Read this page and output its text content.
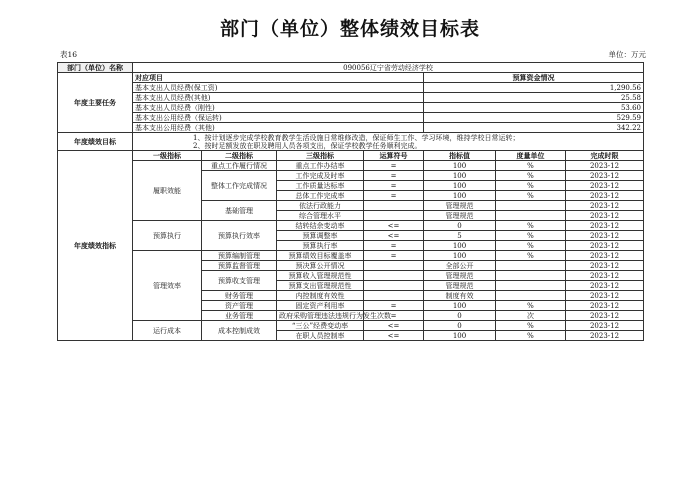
部门（单位）整体绩效目标表
表16	单位：万元
部门（单位）名称	090056辽宁省劳动经济学校						
年度主要任务	对应项目				预算资金情况		
	基本支出人员经费(保工资)				1,290.56		
	基本支出人员经费(其他)				25.58		
	基本支出人员经费（刚性)				53.60		
	基本支出公用经费（保运转)				529.59		
	基本支出公用经费（其他)				342.22		
年度绩效目标	1、按计划逐步完成学校教育教学生活设施日常维修改造，保证师生工作、学习环境，维持学校日常运转；
2、按时足额发放在职及聘用人员各项支出，保证学校教学任务顺利完成。						

年度绩效指标	一级指标	二级指标	三级指标	运算符号	指标值	度量单位	完成时限
	履职效能	重点工作履行情况	重点工作办结率	=	100	%	2023-12
		整体工作完成情况	工作完成及时率	=	100	%	2023-12
			工作质量达标率	=	100	%	2023-12
			总体工作完成率	=	100	%	2023-12
		基础管理	依法行政能力		管理规范		2023-12
			综合管理水平		管理规范		2023-12
	预算执行	预算执行效率	结转结余变动率	<=	0	%	2023-12
			预算调整率	<=	5	%	2023-12
			预算执行率	=	100	%	2023-12
	管理效率	预算编制管理	预算绩效目标覆盖率	=	100	%	2023-12
		预算监督管理	预决算公开情况		全部公开		2023-12
		预算收支管理	预算收入管理规范性		管理规范		2023-12
			预算支出管理规范性		管理规范		2023-12
		财务管理	内控制度有效性		制度有效		2023-12
		资产管理	固定资产利用率	=	100	%	2023-12
		业务管理	政府采购管理违法违规行为发生次数	=	0	次	2023-12
	运行成本	成本控制成效	“三公”经费变动率	<=	0	%	2023-12
			在职人员控制率	<=	100	%	2023-12
